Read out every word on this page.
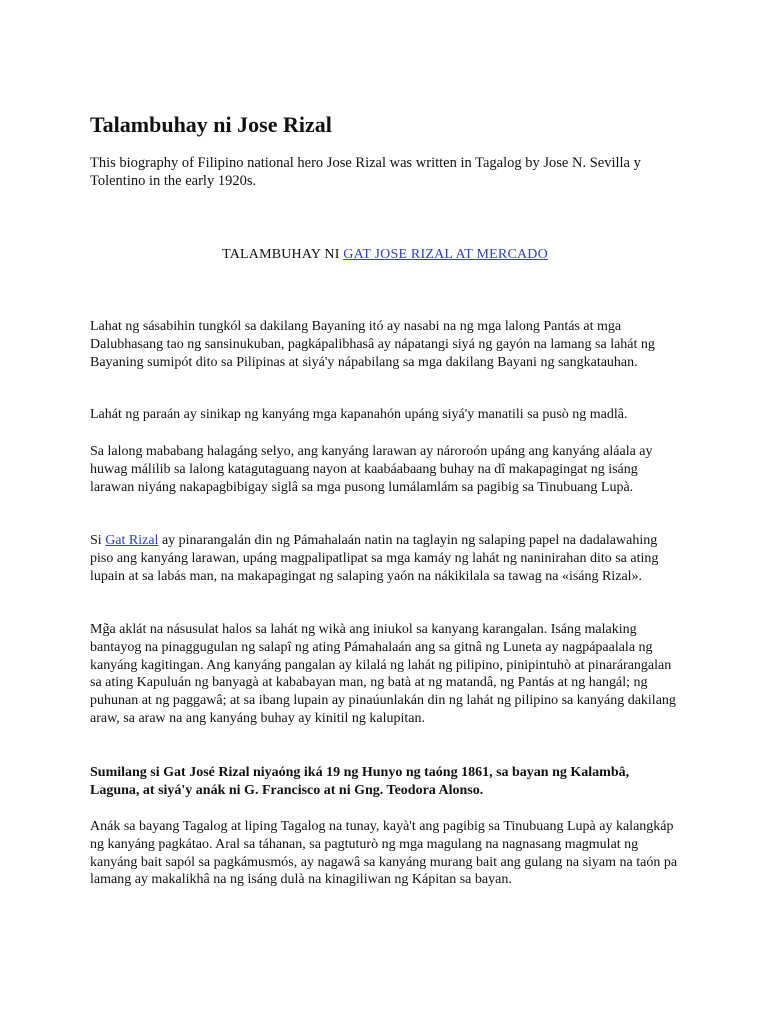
Talambuhay ni Jose Rizal

This biography of Filipino national hero Jose Rizal was written in Tagalog by Jose N. Sevilla y Tolentino in the early 1920s.

TALAMBUHAY NI GAT JOSE RIZAL AT MERCADO

Lahat ng sásabihin tungkól sa dakilang Bayaning itó ay nasabi na ng mga lalong Pantás at mga Dalubhasang tao ng sansinukuban, pagkápalibhasâ ay nápatangi siyá ng gayón na lamang sa lahát ng Bayaning sumipót dito sa Pilipinas at siyá'y nápabilang sa mga dakilang Bayani ng sangkatauhan.

Lahát ng paraán ay sinikap ng kanyáng mga kapanahón upáng siyá'y manatili sa pusò ng madlâ.

Sa lalong mababang halagáng selyo, ang kanyáng larawan ay nároroón upáng ang kanyáng aláala ay huwag málilib sa lalong katagutaguang nayon at kaabáabaang buhay na dî makapagingat ng isáng larawan niyáng nakapagbibigay siglâ sa mga pusong lumálamlám sa pagibig sa Tinubuang Lupà.

Si Gat Rizal ay pinarangalán din ng Pámahalaán natin na taglayin ng salaping papel na dadalawahing piso ang kanyáng larawan, upáng magpalipatlipat sa mga kamáy ng lahát ng naninirahan dito sa ating lupain at sa labás man, na makapagingat ng salaping yaón na nákikilala sa tawag na «isáng Rizal».

Mg̃a aklát na násusulat halos sa lahát ng wikà ang iniukol sa kanyang karangalan. Isáng malaking bantayog na pinaggugulan ng salapî ng ating Pámahalaán ang sa gitnâ ng Luneta ay nagpápaalala ng kanyáng kagitingan. Ang kanyáng pangalan ay kilalá ng lahát ng pilipino, pinipintuhò at pinarárangalan sa ating Kapuluán ng banyagà at kababayan man, ng batà at ng matandâ, ng Pantás at ng hangál; ng puhunan at ng paggawâ; at sa ibang lupain ay pinaúunlakán din ng lahát ng pilipino sa kanyáng dakilang araw, sa araw na ang kanyáng buhay ay kinitil ng kalupitan.

Sumilang si Gat José Rizal niyaóng iká 19 ng Hunyo ng taóng 1861, sa bayan ng Kalambâ, Laguna, at siyá'y anák ni G. Francisco at ni Gng. Teodora Alonso.

Anák sa bayang Tagalog at liping Tagalog na tunay, kayà't ang pagibig sa Tinubuang Lupà ay kalangkáp ng kanyáng pagkátao. Aral sa táhanan, sa pagtuturò ng mga magulang na nagnasang magmulat ng kanyáng bait sapól sa pagkámusmós, ay nagawâ sa kanyáng murang bait ang gulang na siyam na taón pa lamang ay makalikhâ na ng isáng dulà na kinagiliwan ng Kápitan sa bayan.
